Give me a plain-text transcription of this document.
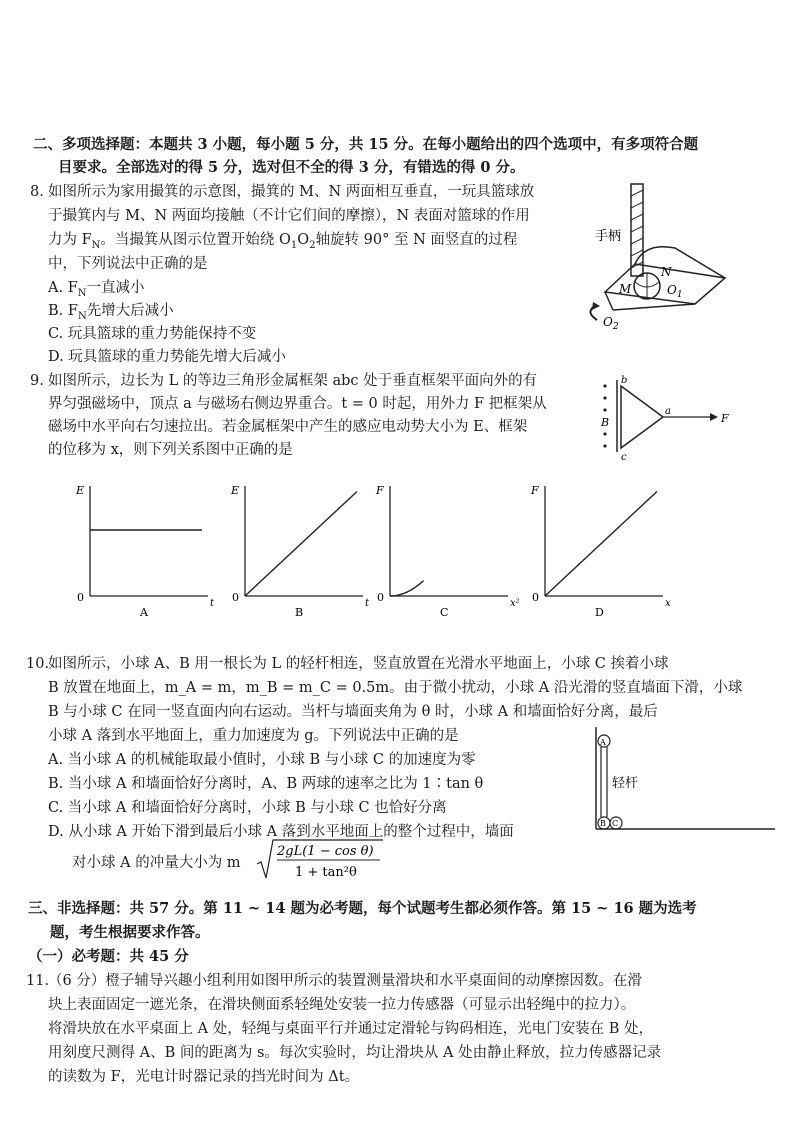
二、多项选择题：本题共 3 小题，每小题 5 分，共 15 分。在每小题给出的四个选项中，有多项符合题
目要求。全部选对的得 5 分，选对但不全的得 3 分，有错选的得 0 分。
8. 如图所示为家用撮箕的示意图，撮箕的 M、N 两面相互垂直，一玩具篮球放
于撮箕内与 M、N 两面均接触（不计它们间的摩擦），N 表面对篮球的作用
力为 $F_N$。当撮箕从图示位置开始绕 $O_1O_2$轴旋转 90° 至 N 面竖直的过程
中，下列说法中正确的是
A. $F_N$一直减小
B. $F_N$先增大后减小
C. 玩具篮球的重力势能保持不变
D. 玩具篮球的重力势能先增大后减小
手柄
M
N
$O_1$
$O_2$
9. 如图所示，边长为 L 的等边三角形金属框架 abc 处于垂直框架平面向外的有
界匀强磁场中，顶点 a 与磁场右侧边界重合。t = 0 时起，用外力 F 把框架从
磁场中水平向右匀速拉出。若金属框架中产生的感应电动势大小为 E、框架
的位移为 x，则下列关系图中正确的是
B
b
c
a
F
E
t
0
A
E
t
0
B
F
x²
0
C
F
x
0
D
10.
如图所示，小球 A、B 用一根长为 L 的轻杆相连，竖直放置在光滑水平地面上，小球 C 挨着小球
B 放置在地面上，m_A = m，m_B = m_C = 0.5m。由于微小扰动，小球 A 沿光滑的竖直墙面下滑，小球
B 与小球 C 在同一竖直面内向右运动。当杆与墙面夹角为 θ 时，小球 A 和墙面恰好分离，最后
小球 A 落到水平地面上，重力加速度为 g。下列说法中正确的是
A. 当小球 A 的机械能取最小值时，小球 B 与小球 C 的加速度为零
B. 当小球 A 和墙面恰好分离时，A、B 两球的速率之比为 1∶tan θ
C. 当小球 A 和墙面恰好分离时，小球 B 与小球 C 也恰好分离
D. 从小球 A 开始下滑到最后小球 A 落到水平地面上的整个过程中，墙面
对小球 A 的冲量大小为 m
2gL(1 − cos θ)
1 + tan²θ
A
轻杆
B C
三、非选择题：共 57 分。第 11 ~ 14 题为必考题，每个试题考生都必须作答。第 15 ~ 16 题为选考
题，考生根据要求作答。
（一）必考题：共 45 分
11.
（6 分）橙子辅导兴趣小组利用如图甲所示的装置测量滑块和水平桌面间的动摩擦因数。在滑
块上表面固定一遮光条，在滑块侧面系轻绳处安装一拉力传感器（可显示出轻绳中的拉力）。
将滑块放在水平桌面上 A 处，轻绳与桌面平行并通过定滑轮与钩码相连，光电门安装在 B 处，
用刻度尺测得 A、B 间的距离为 s。每次实验时，均让滑块从 A 处由静止释放，拉力传感器记录
的读数为 F，光电计时器记录的挡光时间为 Δt。
